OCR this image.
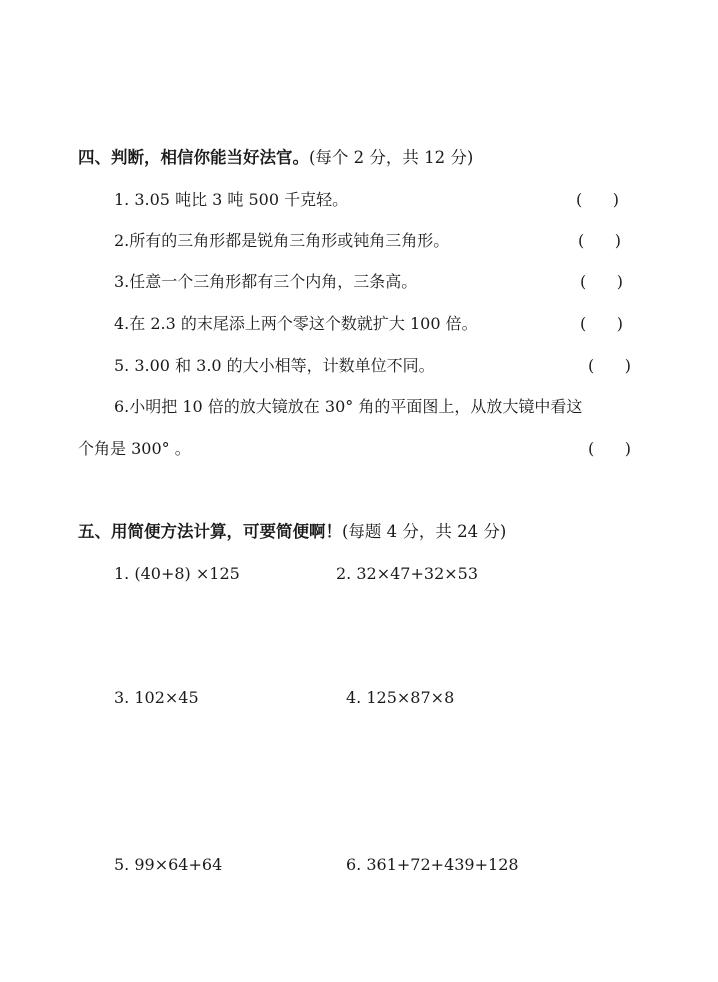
四、判断，相信你能当好法官。(每个 2 分，共 12 分)
1. 3.05 吨比 3 吨 500 千克轻。	(      )
2.所有的三角形都是锐角三角形或钝角三角形。	(      )
3.任意一个三角形都有三个内角，三条高。	(      )
4.在 2.3 的末尾添上两个零这个数就扩大 100 倍。	(      )
5. 3.00 和 3.0 的大小相等，计数单位不同。	(      )
6.小明把 10 倍的放大镜放在 30° 角的平面图上，从放大镜中看这
个角是 300° 。	(      )
五、用简便方法计算，可要简便啊！(每题 4 分，共 24 分)
1. (40+8) ×125	2. 32×47+32×53
3. 102×45	4. 125×87×8
5. 99×64+64	6. 361+72+439+128
